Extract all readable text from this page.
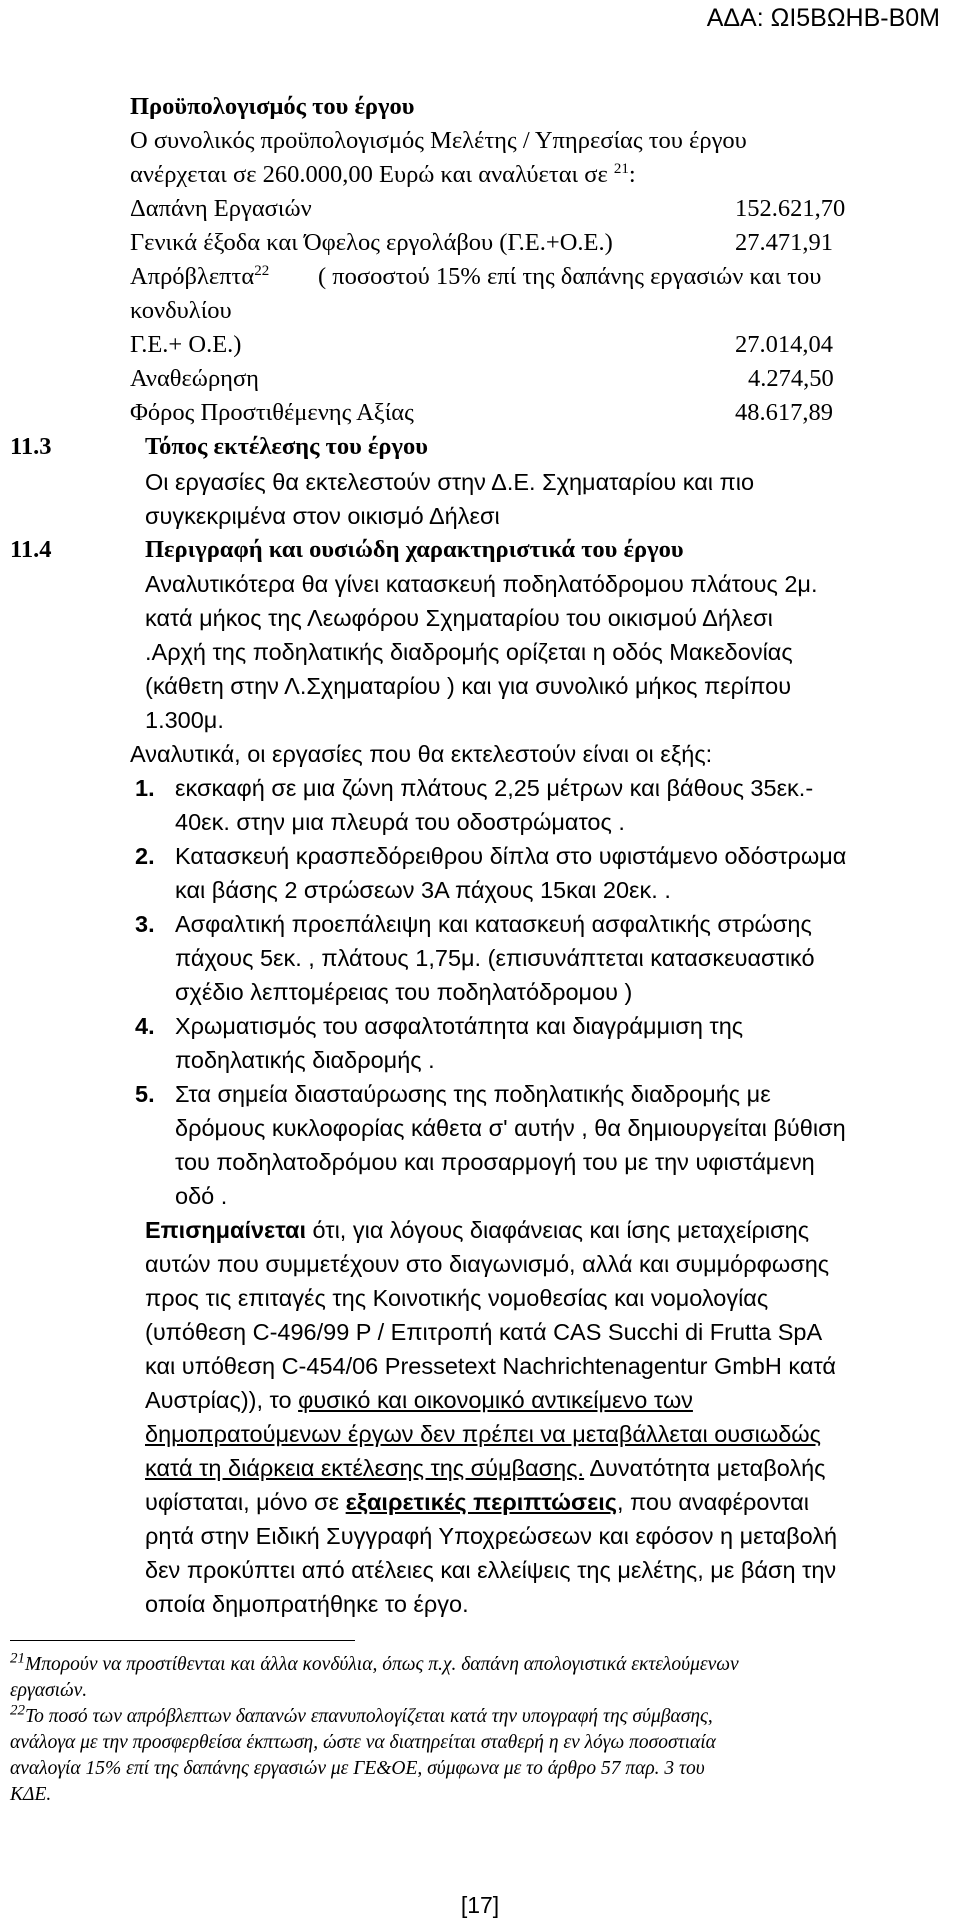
ΑΔΑ: ΩΙ5ΒΩΗΒ-Β0Μ
Προϋπολογισμός του έργου
Ο συνολικός προϋπολογισμός Μελέτης / Υπηρεσίας του έργου
ανέρχεται σε 260.000,00 Ευρώ και αναλύεται σε $^{21}$:
Δαπάνη Εργασιών	152.621,70
Γενικά έξοδα και Όφελος εργολάβου (Γ.Ε.+Ο.Ε.)	27.471,91
Απρόβλεπτα$^{22}$ ( ποσοστού 15% επί της δαπάνης εργασιών και του
κονδυλίου
Γ.Ε.+ Ο.Ε.)	27.014,04
Αναθεώρηση	4.274,50
Φόρος Προστιθέμενης Αξίας	48.617,89
11.3	Τόπος εκτέλεσης του έργου
Οι εργασίες θα εκτελεστούν στην Δ.Ε. Σχηματαρίου και πιο
συγκεκριμένα στον οικισμό Δήλεσι
11.4	Περιγραφή και ουσιώδη χαρακτηριστικά του έργου
Αναλυτικότερα θα γίνει κατασκευή ποδηλατόδρομου πλάτους 2μ.
κατά μήκος της Λεωφόρου Σχηματαρίου του οικισμού Δήλεσι
.Αρχή της ποδηλατικής διαδρομής ορίζεται η οδός Μακεδονίας
(κάθετη στην Λ.Σχηματαρίου ) και για συνολικό μήκος περίπου
1.300μ.
Αναλυτικά, οι εργασίες που θα εκτελεστούν είναι οι εξής:
1. εκσκαφή σε μια ζώνη πλάτους 2,25 μέτρων και βάθους 35εκ.-
40εκ. στην μια πλευρά του οδοστρώματος .
2. Κατασκευή κρασπεδόρειθρου δίπλα στο υφιστάμενο οδόστρωμα
και βάσης 2 στρώσεων 3Α πάχους 15και 20εκ. .
3. Ασφαλτική προεπάλειψη και κατασκευή ασφαλτικής στρώσης
πάχους 5εκ. , πλάτους 1,75μ. (επισυνάπτεται κατασκευαστικό
σχέδιο λεπτομέρειας του ποδηλατόδρομου )
4. Χρωματισμός του ασφαλτοτάπητα και διαγράμμιση της
ποδηλατικής διαδρομής .
5. Στα σημεία διασταύρωσης της ποδηλατικής διαδρομής με
δρόμους κυκλοφορίας κάθετα σ' αυτήν , θα δημιουργείται βύθιση
του ποδηλατοδρόμου και προσαρμογή του με την υφιστάμενη
οδό .
Επισημαίνεται ότι, για λόγους διαφάνειας και ίσης μεταχείρισης
αυτών που συμμετέχουν στο διαγωνισμό, αλλά και συμμόρφωσης
προς τις επιταγές της Κοινοτικής νομοθεσίας και νομολογίας
(υπόθεση C-496/99 P / Επιτροπή κατά CAS Succhi di Frutta SpA
και υπόθεση C-454/06 Pressetext Nachrichtenagentur GmbH κατά
Αυστρίας)), το φυσικό και οικονομικό αντικείμενο των
δημοπρατούμενων έργων δεν πρέπει να μεταβάλλεται ουσιωδώς
κατά τη διάρκεια εκτέλεσης της σύμβασης. Δυνατότητα μεταβολής
υφίσταται, μόνο σε εξαιρετικές περιπτώσεις, που αναφέρονται
ρητά στην Ειδική Συγγραφή Υποχρεώσεων και εφόσον η μεταβολή
δεν προκύπτει από ατέλειες και ελλείψεις της μελέτης, με βάση την
οποία δημοπρατήθηκε το έργο.
$^{21}$Μπορούν να προστίθενται και άλλα κονδύλια, όπως π.χ. δαπάνη απολογιστικά εκτελούμενων
εργασιών.
$^{22}$Το ποσό των απρόβλεπτων δαπανών επανυπολογίζεται κατά την υπογραφή της σύμβασης,
ανάλογα με την προσφερθείσα έκπτωση, ώστε να διατηρείται σταθερή η εν λόγω ποσοστιαία
αναλογία 15% επί της δαπάνης εργασιών με ΓΕ&ΟΕ, σύμφωνα με το άρθρο 57 παρ. 3 του
ΚΔΕ.
[17]
